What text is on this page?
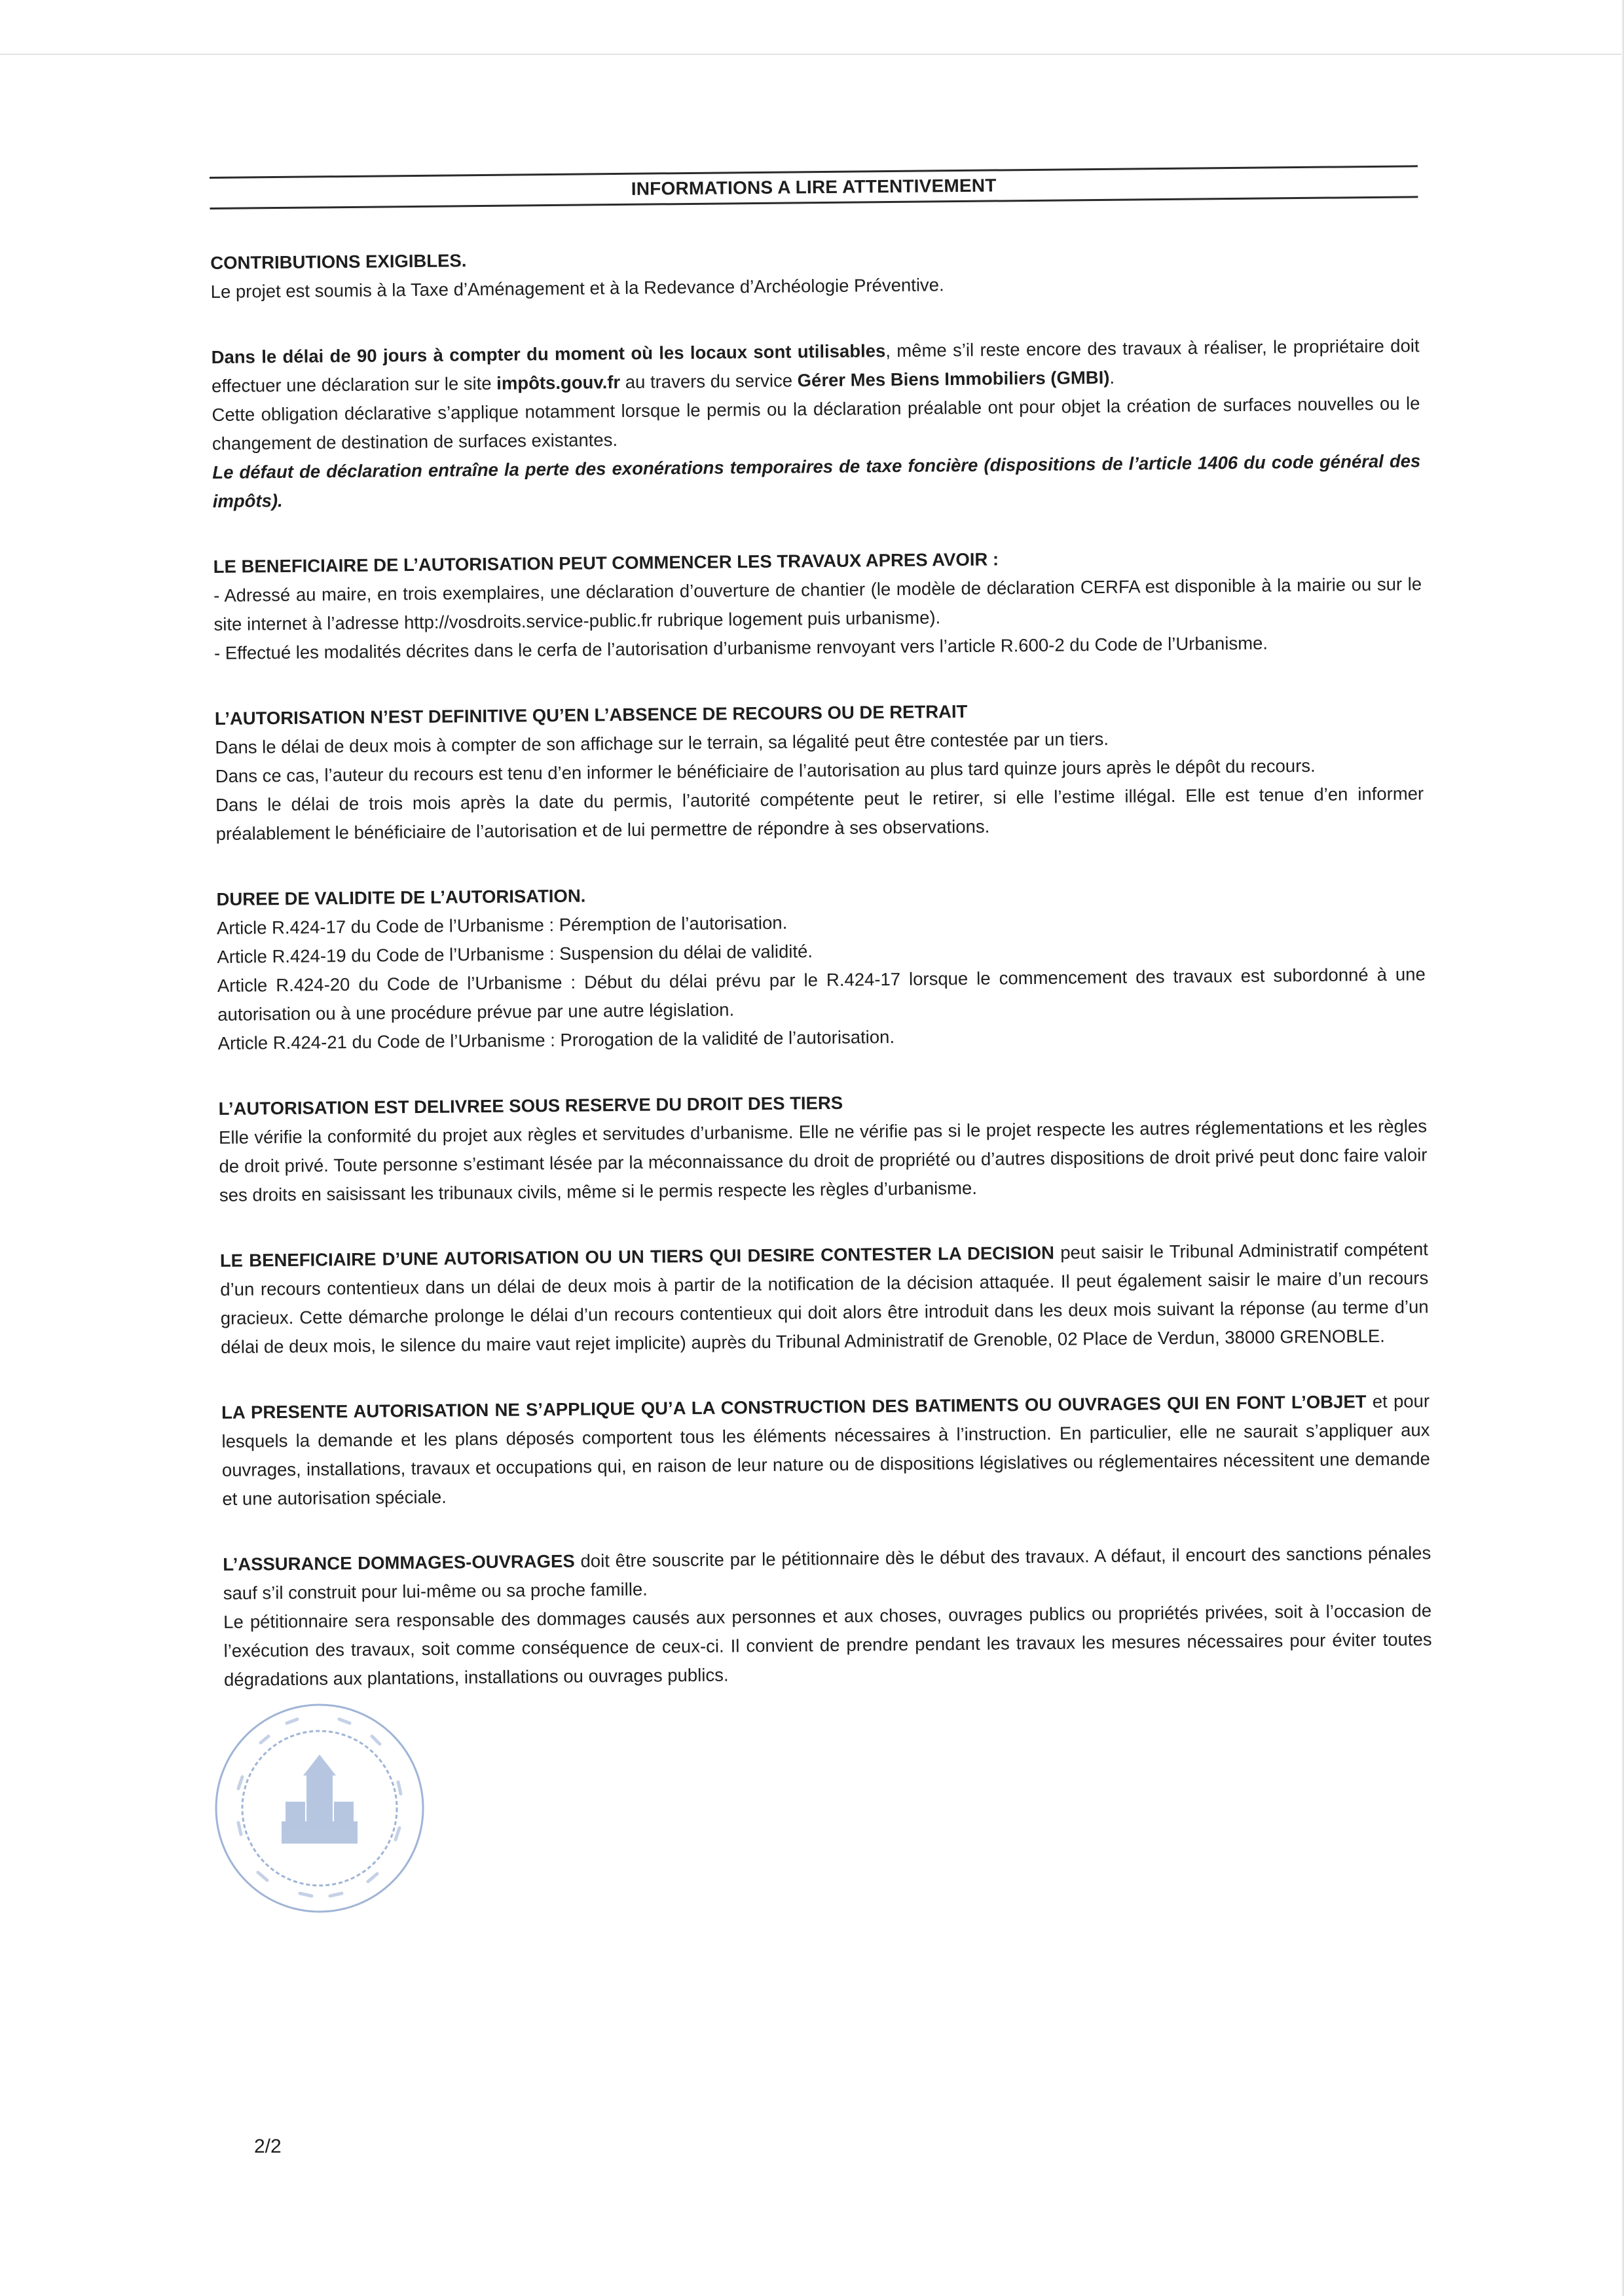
INFORMATIONS A LIRE ATTENTIVEMENT

CONTRIBUTIONS EXIGIBLES.

Le projet est soumis à la Taxe d’Aménagement et à la Redevance d’Archéologie Préventive.

Dans le délai de 90 jours à compter du moment où les locaux sont utilisables, même s’il reste encore des travaux à réaliser, le propriétaire doit effectuer une déclaration sur le site impôts.gouv.fr au travers du service Gérer Mes Biens Immobiliers (GMBI).

Cette obligation déclarative s’applique notamment lorsque le permis ou la déclaration préalable ont pour objet la création de surfaces nouvelles ou le changement de destination de surfaces existantes.

Le défaut de déclaration entraîne la perte des exonérations temporaires de taxe foncière (dispositions de l’article 1406 du code général des impôts).

LE BENEFICIAIRE DE L’AUTORISATION PEUT COMMENCER LES TRAVAUX APRES AVOIR :

- Adressé au maire, en trois exemplaires, une déclaration d’ouverture de chantier (le modèle de déclaration CERFA est disponible à la mairie ou sur le site internet à l’adresse http://vosdroits.service-public.fr rubrique logement puis urbanisme).

- Effectué les modalités décrites dans le cerfa de l’autorisation d’urbanisme renvoyant vers l’article R.600-2 du Code de l’Urbanisme.

L’AUTORISATION N’EST DEFINITIVE QU’EN L’ABSENCE DE RECOURS OU DE RETRAIT

Dans le délai de deux mois à compter de son affichage sur le terrain, sa légalité peut être contestée par un tiers.

Dans ce cas, l’auteur du recours est tenu d’en informer le bénéficiaire de l’autorisation au plus tard quinze jours après le dépôt du recours.

Dans le délai de trois mois après la date du permis, l’autorité compétente peut le retirer, si elle l’estime illégal. Elle est tenue d’en informer préalablement le bénéficiaire de l’autorisation et de lui permettre de répondre à ses observations.

DUREE DE VALIDITE DE L’AUTORISATION.

Article R.424-17 du Code de l’Urbanisme : Péremption de l’autorisation.

Article R.424-19 du Code de l’Urbanisme : Suspension du délai de validité.

Article R.424-20 du Code de l’Urbanisme : Début du délai prévu par le R.424-17 lorsque le commencement des travaux est subordonné à une autorisation ou à une procédure prévue par une autre législation.

Article R.424-21 du Code de l’Urbanisme : Prorogation de la validité de l’autorisation.

L’AUTORISATION EST DELIVREE SOUS RESERVE DU DROIT DES TIERS

Elle vérifie la conformité du projet aux règles et servitudes d’urbanisme. Elle ne vérifie pas si le projet respecte les autres réglementations et les règles de droit privé. Toute personne s’estimant lésée par la méconnaissance du droit de propriété ou d’autres dispositions de droit privé peut donc faire valoir ses droits en saisissant les tribunaux civils, même si le permis respecte les règles d’urbanisme.

LE BENEFICIAIRE D’UNE AUTORISATION OU UN TIERS QUI DESIRE CONTESTER LA DECISION peut saisir le Tribunal Administratif compétent d’un recours contentieux dans un délai de deux mois à partir de la notification de la décision attaquée. Il peut également saisir le maire d’un recours gracieux. Cette démarche prolonge le délai d’un recours contentieux qui doit alors être introduit dans les deux mois suivant la réponse (au terme d’un délai de deux mois, le silence du maire vaut rejet implicite) auprès du Tribunal Administratif de Grenoble, 02 Place de Verdun, 38000 GRENOBLE.

LA PRESENTE AUTORISATION NE S’APPLIQUE QU’A LA CONSTRUCTION DES BATIMENTS OU OUVRAGES QUI EN FONT L’OBJET et pour lesquels la demande et les plans déposés comportent tous les éléments nécessaires à l’instruction. En particulier, elle ne saurait s’appliquer aux ouvrages, installations, travaux et occupations qui, en raison de leur nature ou de dispositions législatives ou réglementaires nécessitent une demande et une autorisation spéciale.

L’ASSURANCE DOMMAGES-OUVRAGES doit être souscrite par le pétitionnaire dès le début des travaux. A défaut, il encourt des sanctions pénales sauf s’il construit pour lui-même ou sa proche famille.

Le pétitionnaire sera responsable des dommages causés aux personnes et aux choses, ouvrages publics ou propriétés privées, soit à l’occasion de l’exécution des travaux, soit comme conséquence de ceux-ci. Il convient de prendre pendant les travaux les mesures nécessaires pour éviter toutes dégradations aux plantations, installations ou ouvrages publics.

2/2
